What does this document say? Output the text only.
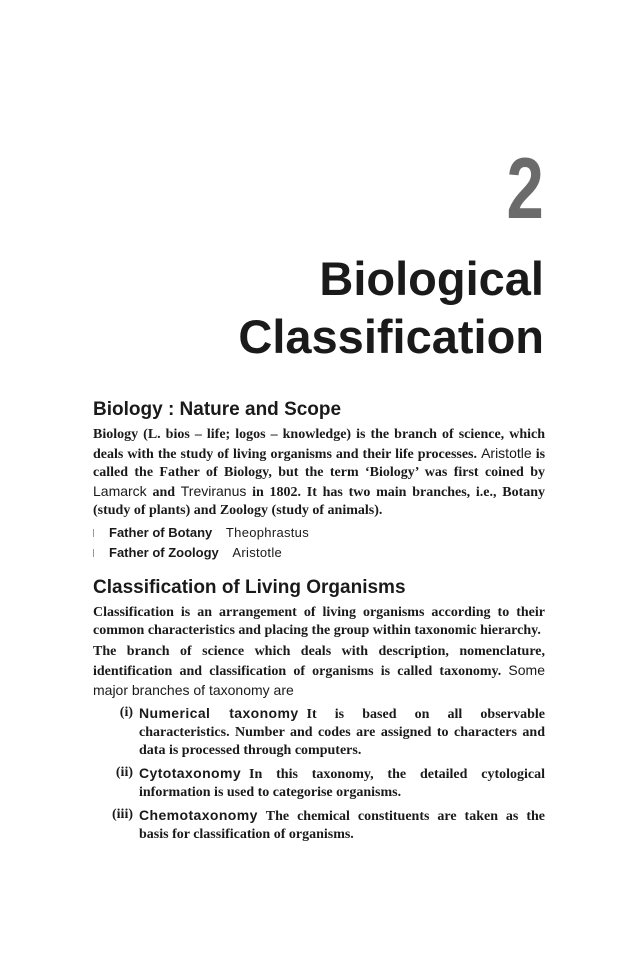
2
Biological
Classification
Biology : Nature and Scope

Biology (L. bios – life; logos – knowledge) is the branch of science, which deals with the study of living organisms and their life processes. Aristotle is called the Father of Biology, but the term ‘Biology’ was first coined by Lamarck and Treviranus in 1802. It has two main branches, i.e., Botany (study of plants) and Zoology (study of animals).

Father of Botany Theophrastus
Father of Zoology Aristotle
Classification of Living Organisms

Classification is an arrangement of living organisms according to their common characteristics and placing the group within taxonomic hierarchy.

The branch of science which deals with description, nomenclature, identification and classification of organisms is called taxonomy. Some major branches of taxonomy are

(i) Numerical taxonomy It is based on all observable characteristics. Number and codes are assigned to characters and data is processed through computers.
(ii) Cytotaxonomy In this taxonomy, the detailed cytological information is used to categorise organisms.
(iii) Chemotaxonomy The chemical constituents are taken as the basis for classification of organisms.
